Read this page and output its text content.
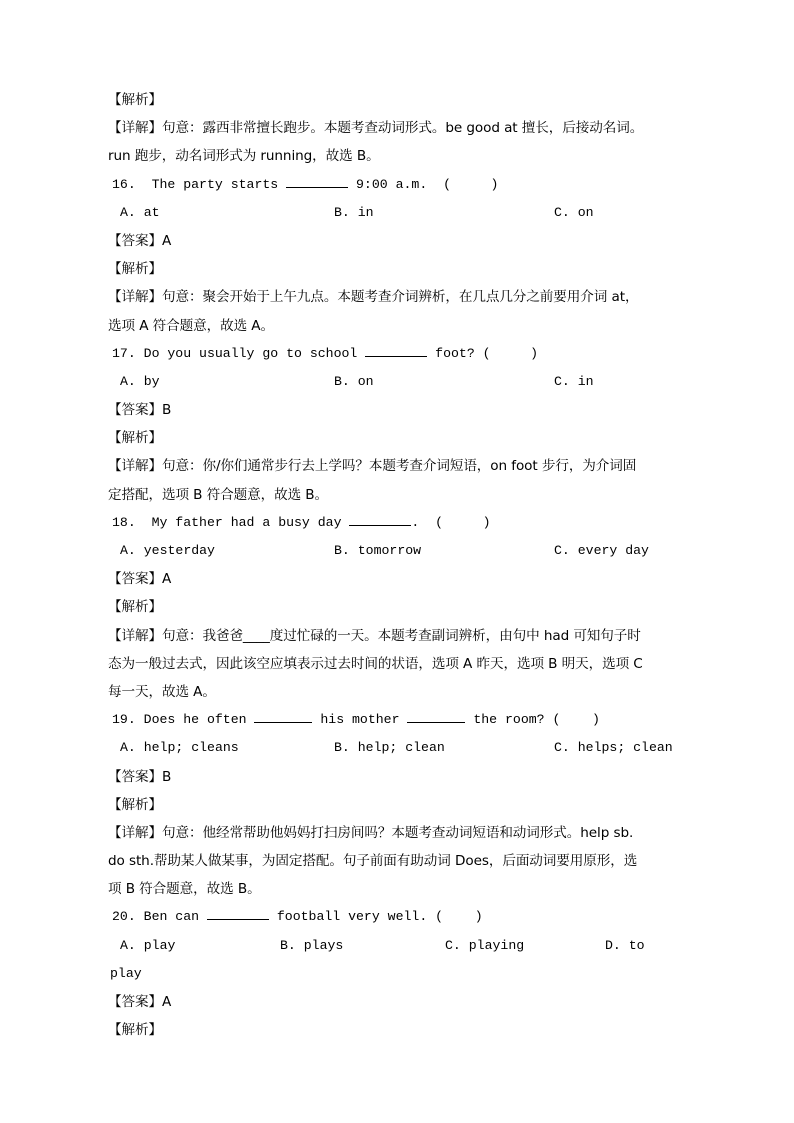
【解析】
【详解】句意：露西非常擅长跑步。本题考查动词形式。be good at 擅长，后接动名词。
run 跑步，动名词形式为 running，故选 B。
16.  The party starts	9:00 a.m.  (     )

A. at

	B. in

	C. on

【答案】A
【解析】
【详解】句意：聚会开始于上午九点。本题考查介词辨析，在几点几分之前要用介词 at，
选项 A 符合题意，故选 A。
17. Do you usually go to school	foot? (     )

A. by

	B. on

	C. in

【答案】B
【解析】
【详解】句意：你/你们通常步行去上学吗？本题考查介词短语，on foot 步行，为介词固
定搭配，选项 B 符合题意，故选 B。
18.  My father had a busy day	.  (     )

A. yesterday

	B. tomorrow

	C. every day

【答案】A
【解析】
【详解】句意：我爸爸____度过忙碌的一天。本题考查副词辨析，由句中 had 可知句子时
态为一般过去式，因此该空应填表示过去时间的状语，选项 A 昨天，选项 B 明天，选项 C
每一天，故选 A。
19. Does he often	his mother	the room? (    )

A. help; cleans

	B. help; clean

	C. helps; clean

【答案】B
【解析】
【详解】句意：他经常帮助他妈妈打扫房间吗？本题考查动词短语和动词形式。help sb.
do sth.帮助某人做某事，为固定搭配。句子前面有助动词 Does，后面动词要用原形，选
项 B 符合题意，故选 B。
20. Ben can	football very well. (    )

A. play

	B. plays

	C. playing

	D. to

play
【答案】A
【解析】
